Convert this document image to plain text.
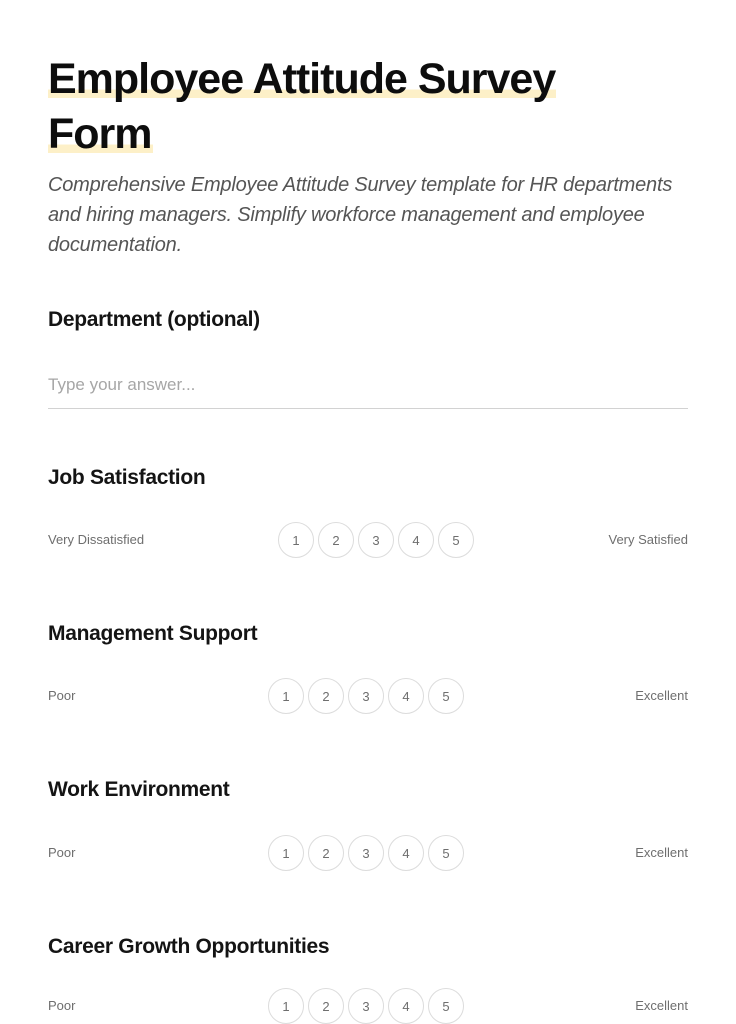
Employee Attitude Survey
Form

Comprehensive Employee Attitude Survey template for HR departments and hiring managers. Simplify workforce management and employee documentation.

Department (optional)
Type your answer...
Job Satisfaction
Very Dissatisfied	1	2	3	4	5	Very Satisfied
Management Support
Poor	1	2	3	4	5	Excellent
Work Environment
Poor	1	2	3	4	5	Excellent
Career Growth Opportunities
Poor	1	2	3	4	5	Excellent
